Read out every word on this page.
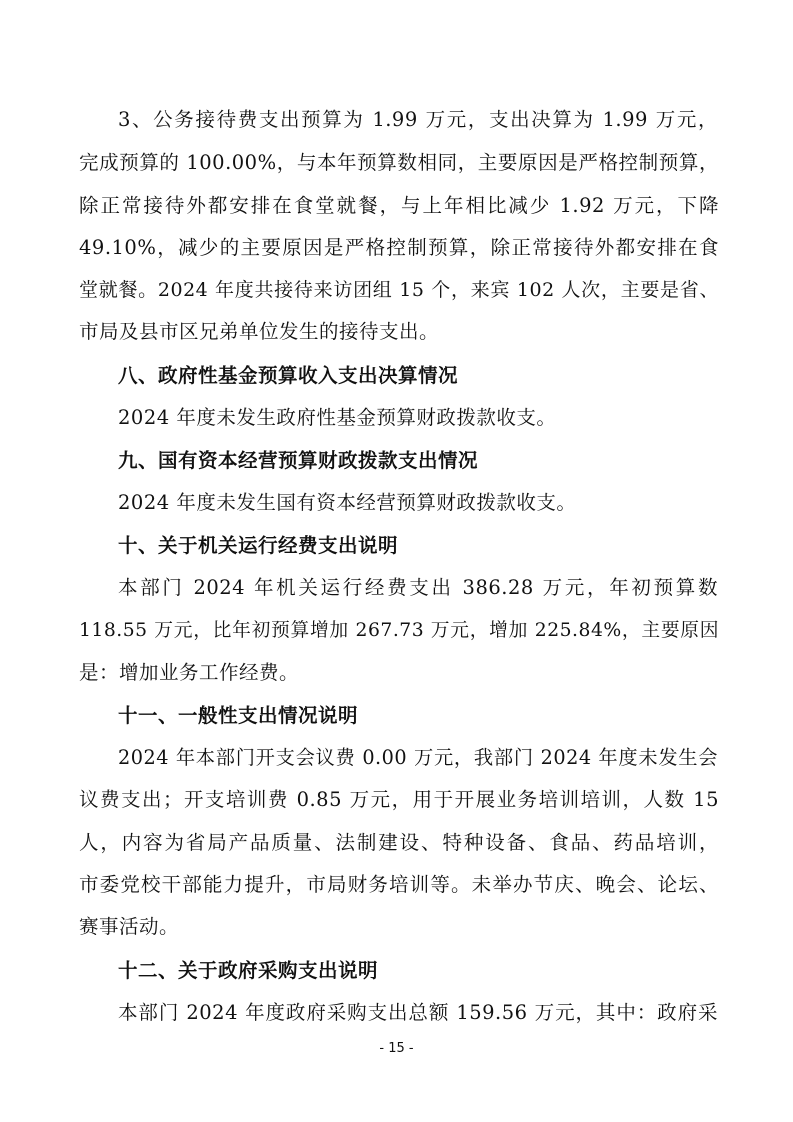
3、公务接待费支出预算为 1.99 万元，支出决算为 1.99 万元，
完成预算的 100.00%，与本年预算数相同，主要原因是严格控制预算，
除正常接待外都安排在食堂就餐，与上年相比减少 1.92 万元，下降
49.10%，减少的主要原因是严格控制预算，除正常接待外都安排在食
堂就餐。2024 年度共接待来访团组 15 个，来宾 102 人次，主要是省、
市局及县市区兄弟单位发生的接待支出。
八、政府性基金预算收入支出决算情况
2024 年度未发生政府性基金预算财政拨款收支。
九、国有资本经营预算财政拨款支出情况
2024 年度未发生国有资本经营预算财政拨款收支。
十、关于机关运行经费支出说明
本部门 2024 年机关运行经费支出 386.28 万元，年初预算数
118.55 万元，比年初预算增加 267.73 万元，增加 225.84%，主要原因
是：增加业务工作经费。
十一、一般性支出情况说明
2024 年本部门开支会议费 0.00 万元，我部门 2024 年度未发生会
议费支出；开支培训费 0.85 万元，用于开展业务培训培训，人数 15
人，内容为省局产品质量、法制建设、特种设备、食品、药品培训，
市委党校干部能力提升，市局财务培训等。未举办节庆、晚会、论坛、
赛事活动。
十二、关于政府采购支出说明
本部门 2024 年度政府采购支出总额 159.56 万元，其中：政府采
- 15 -
